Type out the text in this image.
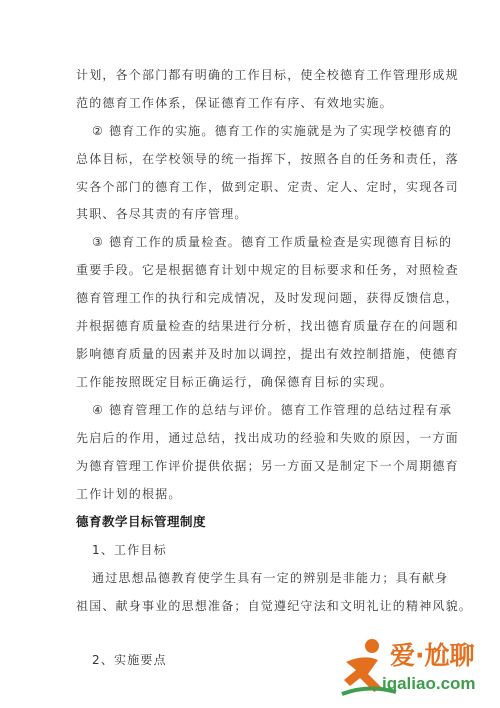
计划，各个部门都有明确的工作目标，使全校德育工作管理形成规
范的德育工作体系，保证德育工作有序、有效地实施。
② 德育工作的实施。德育工作的实施就是为了实现学校德育的
总体目标，在学校领导的统一指挥下，按照各自的任务和责任，落
实各个部门的德育工作，做到定职、定责、定人、定时，实现各司
其职、各尽其责的有序管理。
③ 德育工作的质量检查。德育工作质量检查是实现德育目标的
重要手段。它是根据德育计划中规定的目标要求和任务，对照检查
德育管理工作的执行和完成情况，及时发现问题，获得反馈信息，
并根据德育质量检查的结果进行分析，找出德育质量存在的问题和
影响德育质量的因素并及时加以调控，提出有效控制措施，使德育
工作能按照既定目标正确运行，确保德育目标的实现。
④ 德育管理工作的总结与评价。德育工作管理的总结过程有承
先启后的作用，通过总结，找出成功的经验和失败的原因，一方面
为德育管理工作评价提供依据；另一方面又是制定下一个周期德育
工作计划的根据。
德育教学目标管理制度
1、工作目标
通过思想品德教育使学生具有一定的辨别是非能力；具有献身
祖国、献身事业的思想准备；自觉遵纪守法和文明礼让的精神风貌。
2、实施要点	爱·尬聊
igaliao.com
